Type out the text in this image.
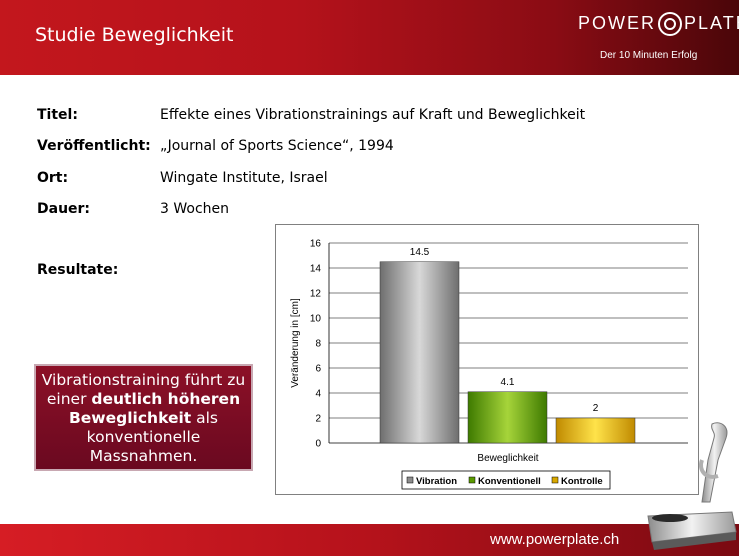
Studie Beweglichkeit
POWER PLATE
Der 10 Minuten Erfolg
Titel:	Effekte eines Vibrationstrainings auf Kraft und Beweglichkeit
Veröffentlicht: „Journal of Sports Science“, 1994
Ort:	Wingate Institute, Israel
Dauer:	3 Wochen
Resultate:
Vibrationstraining führt zu einer deutlich höheren Beweglichkeit als konventionelle Massnahmen.
0
2
4
6
8
10
12
14
16
14.5
4.1
2
Veränderung in [cm]
Beweglichkeit
Vibration Konventionell Kontrolle
www.powerplate.ch
